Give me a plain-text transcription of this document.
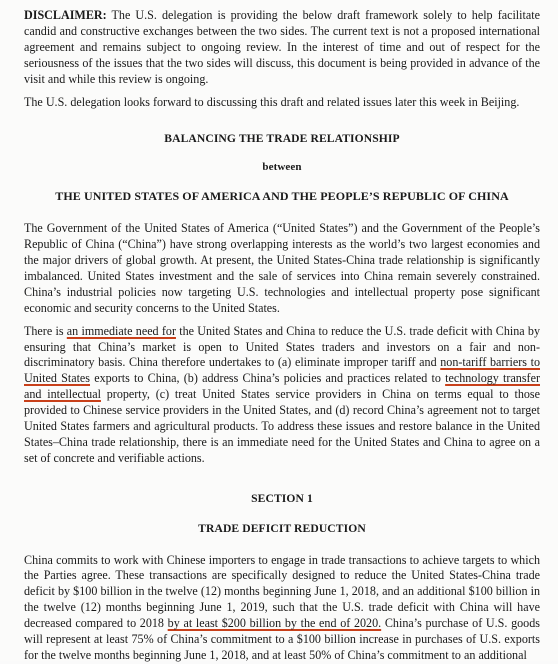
DISCLAIMER: The U.S. delegation is providing the below draft framework solely to help facilitate candid and constructive exchanges between the two sides. The current text is not a proposed international agreement and remains subject to ongoing review. In the interest of time and out of respect for the seriousness of the issues that the two sides will discuss, this document is being provided in advance of the visit and while this review is ongoing.

The U.S. delegation looks forward to discussing this draft and related issues later this week in Beijing.

BALANCING THE TRADE RELATIONSHIP

between

THE UNITED STATES OF AMERICA AND THE PEOPLE’S REPUBLIC OF CHINA

The Government of the United States of America (“United States”) and the Government of the People’s Republic of China (“China”) have strong overlapping interests as the world’s two largest economies and the major drivers of global growth. At present, the United States-China trade relationship is significantly imbalanced. United States investment and the sale of services into China remain severely constrained. China’s industrial policies now targeting U.S. technologies and intellectual property pose significant economic and security concerns to the United States.

There is an immediate need for the United States and China to reduce the U.S. trade deficit with China by ensuring that China’s market is open to United States traders and investors on a fair and non-discriminatory basis. China therefore undertakes to (a) eliminate improper tariff and non-tariff barriers to United States exports to China, (b) address China’s policies and practices related to technology transfer and intellectual property, (c) treat United States service providers in China on terms equal to those provided to Chinese service providers in the United States, and (d) record China’s agreement not to target United States farmers and agricultural products. To address these issues and restore balance in the United States–China trade relationship, there is an immediate need for the United States and China to agree on a set of concrete and verifiable actions.

SECTION 1

TRADE DEFICIT REDUCTION

China commits to work with Chinese importers to engage in trade transactions to achieve targets to which the Parties agree. These transactions are specifically designed to reduce the United States-China trade deficit by $100 billion in the twelve (12) months beginning June 1, 2018, and an additional $100 billion in the twelve (12) months beginning June 1, 2019, such that the U.S. trade deficit with China will have decreased compared to 2018 by at least $200 billion by the end of 2020. China’s purchase of U.S. goods will represent at least 75% of China’s commitment to a $100 billion increase in purchases of U.S. exports for the twelve months beginning June 1, 2018, and at least 50% of China’s commitment to an additional
